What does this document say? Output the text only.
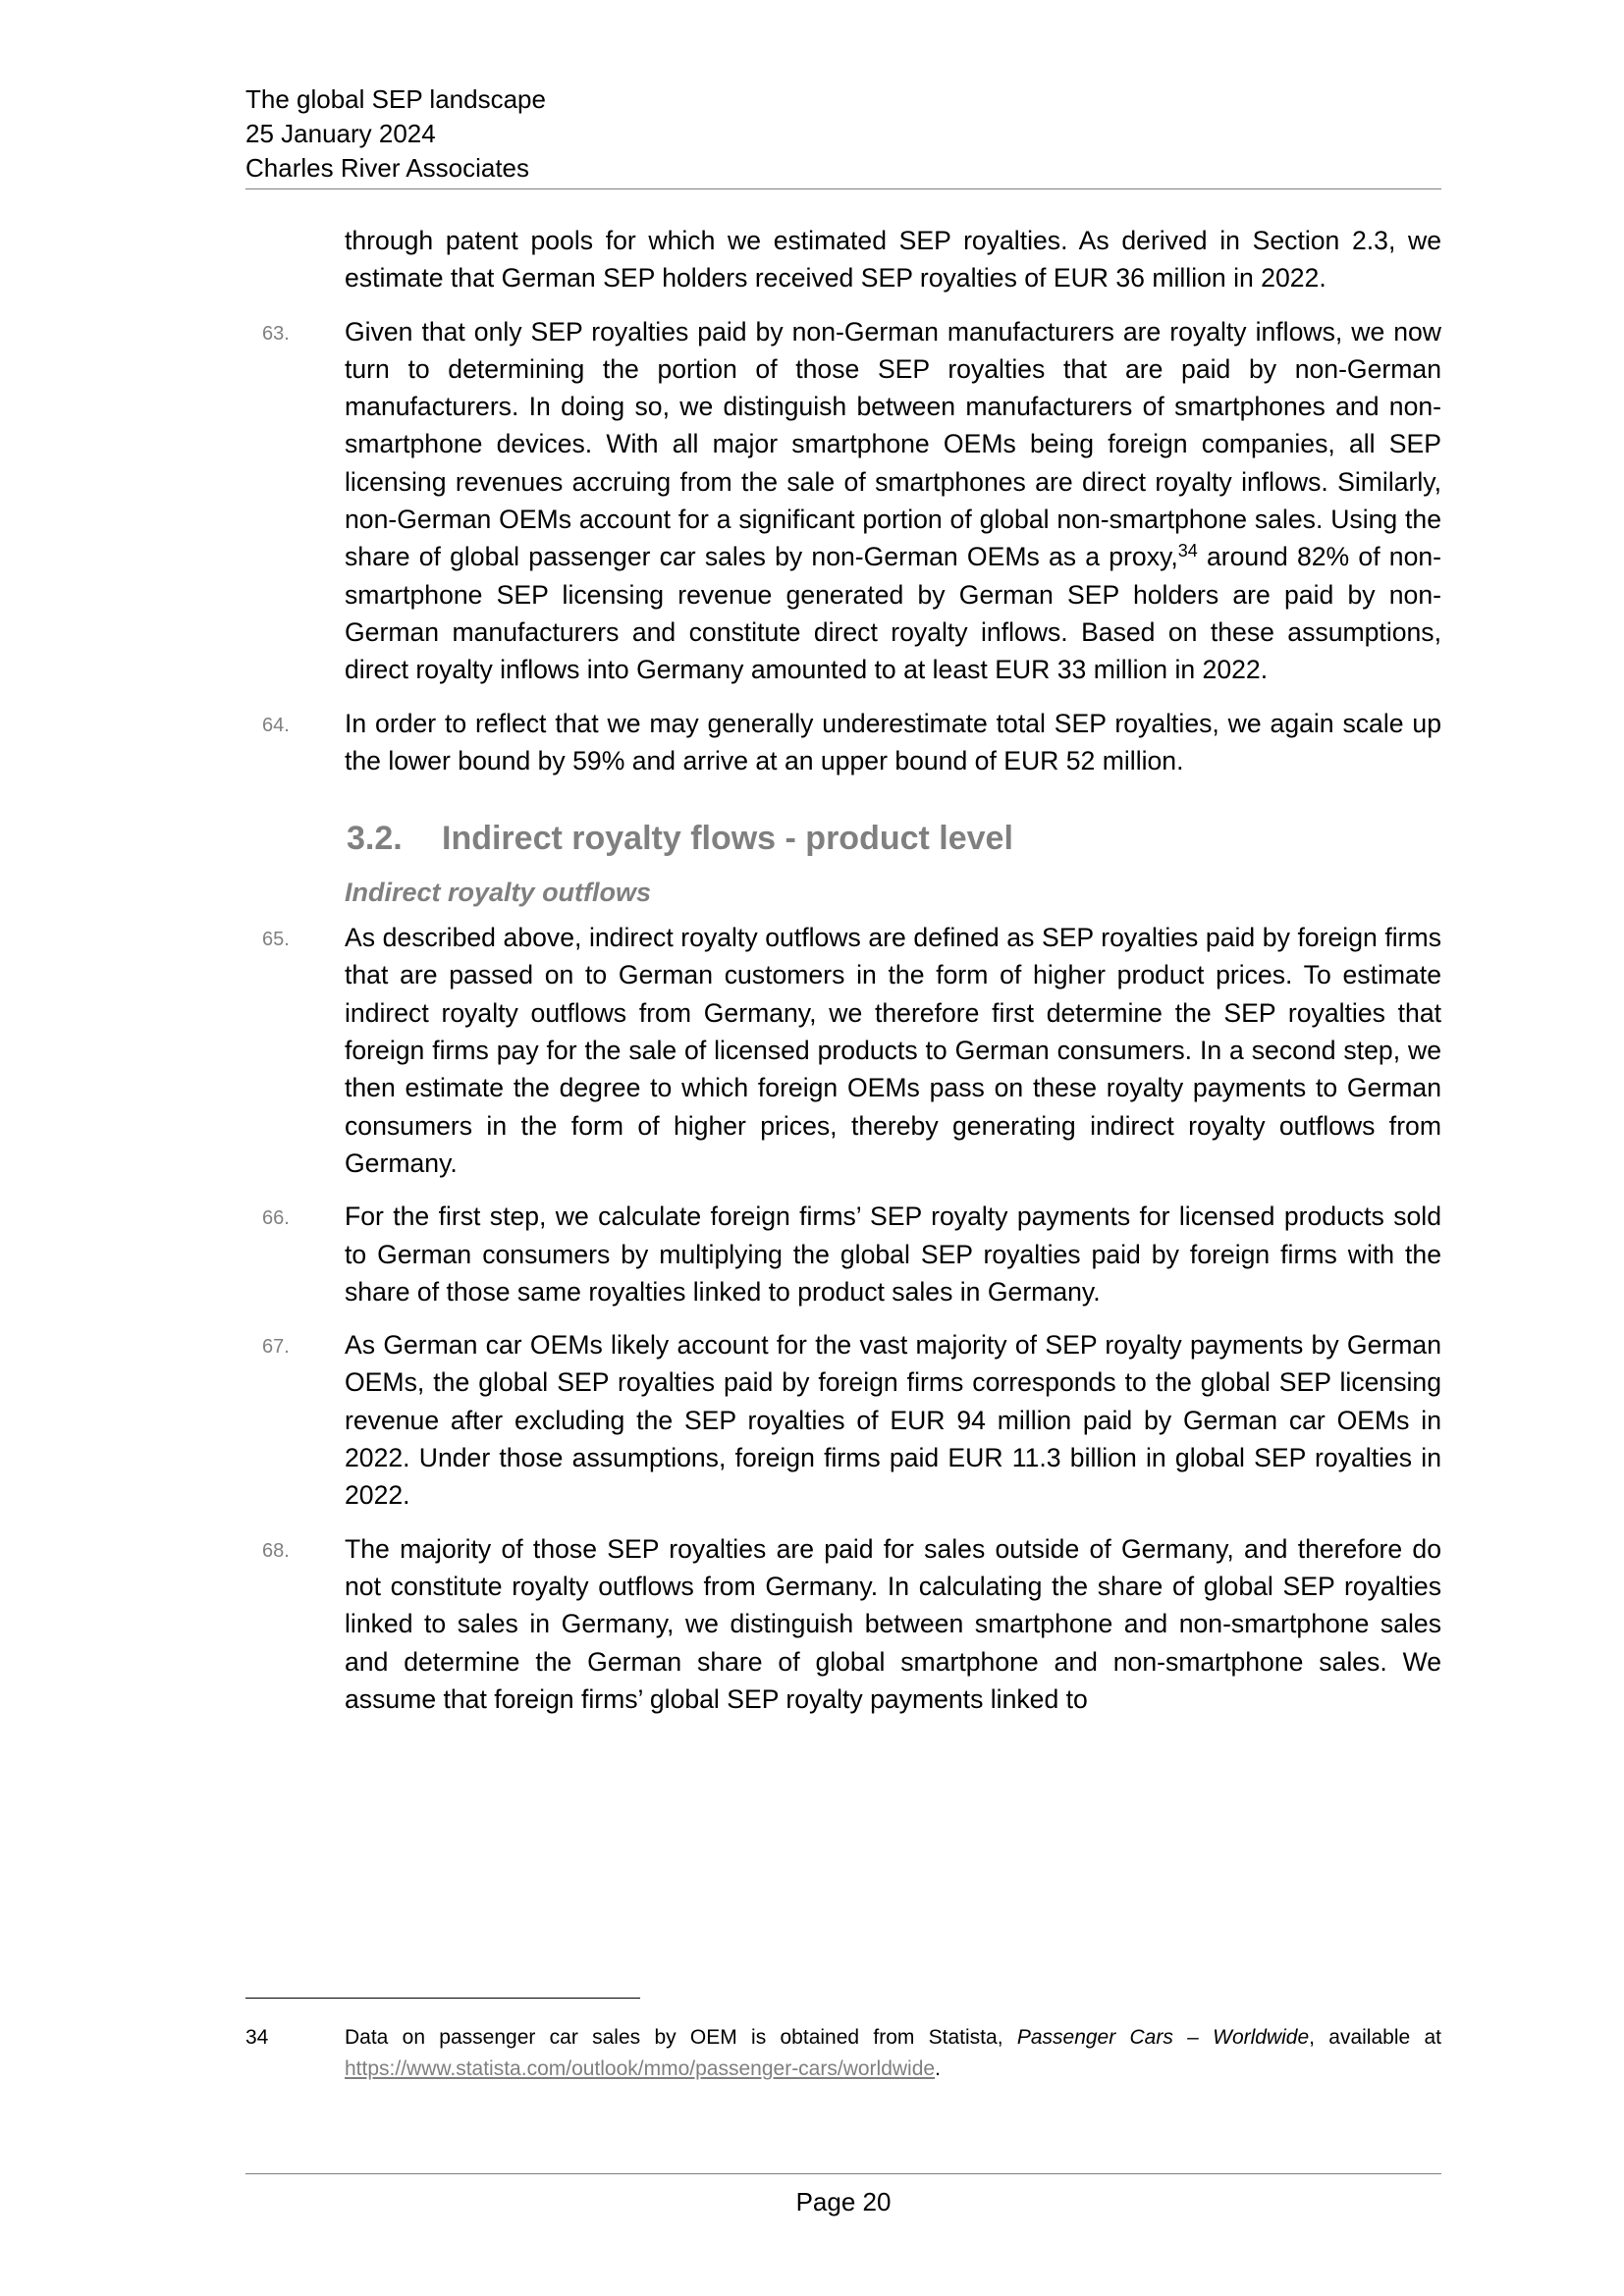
The global SEP landscape
25 January 2024
Charles River Associates
through patent pools for which we estimated SEP royalties. As derived in Section 2.3, we estimate that German SEP holders received SEP royalties of EUR 36 million in 2022.
63. Given that only SEP royalties paid by non-German manufacturers are royalty inflows, we now turn to determining the portion of those SEP royalties that are paid by non-German manufacturers. In doing so, we distinguish between manufacturers of smartphones and non-smartphone devices. With all major smartphone OEMs being foreign companies, all SEP licensing revenues accruing from the sale of smartphones are direct royalty inflows. Similarly, non-German OEMs account for a significant portion of global non-smartphone sales. Using the share of global passenger car sales by non-German OEMs as a proxy,$^{34}$ around 82% of non-smartphone SEP licensing revenue generated by German SEP holders are paid by non-German manufacturers and constitute direct royalty inflows. Based on these assumptions, direct royalty inflows into Germany amounted to at least EUR 33 million in 2022.
64. In order to reflect that we may generally underestimate total SEP royalties, we again scale up the lower bound by 59% and arrive at an upper bound of EUR 52 million.
3.2. Indirect royalty flows - product level
Indirect royalty outflows
65. As described above, indirect royalty outflows are defined as SEP royalties paid by foreign firms that are passed on to German customers in the form of higher product prices. To estimate indirect royalty outflows from Germany, we therefore first determine the SEP royalties that foreign firms pay for the sale of licensed products to German consumers. In a second step, we then estimate the degree to which foreign OEMs pass on these royalty payments to German consumers in the form of higher prices, thereby generating indirect royalty outflows from Germany.
66. For the first step, we calculate foreign firms’ SEP royalty payments for licensed products sold to German consumers by multiplying the global SEP royalties paid by foreign firms with the share of those same royalties linked to product sales in Germany.
67. As German car OEMs likely account for the vast majority of SEP royalty payments by German OEMs, the global SEP royalties paid by foreign firms corresponds to the global SEP licensing revenue after excluding the SEP royalties of EUR 94 million paid by German car OEMs in 2022. Under those assumptions, foreign firms paid EUR 11.3 billion in global SEP royalties in 2022.
68. The majority of those SEP royalties are paid for sales outside of Germany, and therefore do not constitute royalty outflows from Germany. In calculating the share of global SEP royalties linked to sales in Germany, we distinguish between smartphone and non-smartphone sales and determine the German share of global smartphone and non-smartphone sales. We assume that foreign firms’ global SEP royalty payments linked to
34	Data on passenger car sales by OEM is obtained from Statista, Passenger Cars – Worldwide, available at https://www.statista.com/outlook/mmo/passenger-cars/worldwide.
Page 20
